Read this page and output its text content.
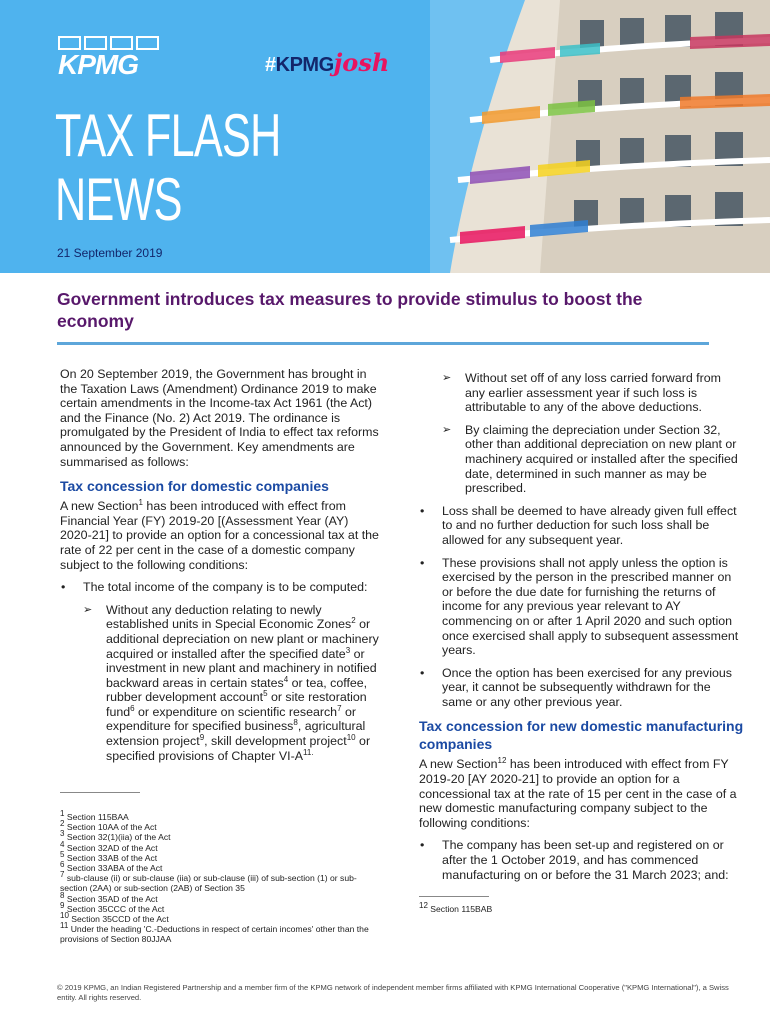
KPMG	#KPMGjosh
TAX FLASH
NEWS
21 September 2019
Government introduces tax measures to provide stimulus to boost the economy

On 20 September 2019, the Government has brought in the Taxation Laws (Amendment) Ordinance 2019 to make certain amendments in the Income-tax Act 1961 (the Act) and the Finance (No. 2) Act 2019. The ordinance is promulgated by the President of India to effect tax reforms announced by the Government. Key amendments are summarised as follows:

Tax concession for domestic companies

A new Section$^1$ has been introduced with effect from Financial Year (FY) 2019-20 [(Assessment Year (AY) 2020-21] to provide an option for a concessional tax at the rate of 22 per cent in the case of a domestic company subject to the following conditions:

• The total income of the company is to be computed:
➢ Without any deduction relating to newly established units in Special Economic Zones$^2$ or additional depreciation on new plant or machinery acquired or installed after the specified date$^3$ or investment in new plant and machinery in notified backward areas in certain states$^4$ or tea, coffee, rubber development account$^5$ or site restoration fund$^6$ or expenditure on scientific research$^7$ or expenditure for specified business$^8$, agricultural extension project$^9$, skill development project$^{10}$ or specified provisions of Chapter $VI-A^{11.}$
$^1$ Section 115BAA
$^2$ Section 10AA of the Act
$^3$ Section 32(1)(iia) of the Act
$^4$ Section 32AD of the Act
$^5$ Section 33AB of the Act
$^6$ Section 33ABA of the Act
$^7$ sub-clause (ii) or sub-clause (iia) or sub-clause (iii) of sub-section (1) or sub-section (2AA) or sub-section (2AB) of Section 35
$^8$ Section 35AD of the Act
$^9$ Section 35CCC of the Act
$^{10}$ Section 35CCD of the Act
$^{11}$ Under the heading 'C.-Deductions in respect of certain incomes' other than the provisions of Section 80JJAA
➢ Without set off of any loss carried forward from any earlier assessment year if such loss is attributable to any of the above deductions.
➢ By claiming the depreciation under Section 32, other than additional depreciation on new plant or machinery acquired or installed after the specified date, determined in such manner as may be prescribed.
• Loss shall be deemed to have already given full effect to and no further deduction for such loss shall be allowed for any subsequent year.
• These provisions shall not apply unless the option is exercised by the person in the prescribed manner on or before the due date for furnishing the returns of income for any previous year relevant to AY commencing on or after 1 April 2020 and such option once exercised shall apply to subsequent assessment years.
• Once the option has been exercised for any previous year, it cannot be subsequently withdrawn for the same or any other previous year.
Tax concession for new domestic manufacturing companies

A new Section$^{12}$ has been introduced with effect from FY 2019-20 [AY 2020-21] to provide an option for a concessional tax at the rate of 15 per cent in the case of a new domestic manufacturing company subject to the following conditions:

• The company has been set-up and registered on or after the 1 October 2019, and has commenced manufacturing on or before the 31 March 2023; and:
$^{12}$ Section 115BAB
© 2019 KPMG, an Indian Registered Partnership and a member firm of the KPMG network of independent member firms affiliated with KPMG International Cooperative ("KPMG International"), a Swiss entity. All rights reserved.
